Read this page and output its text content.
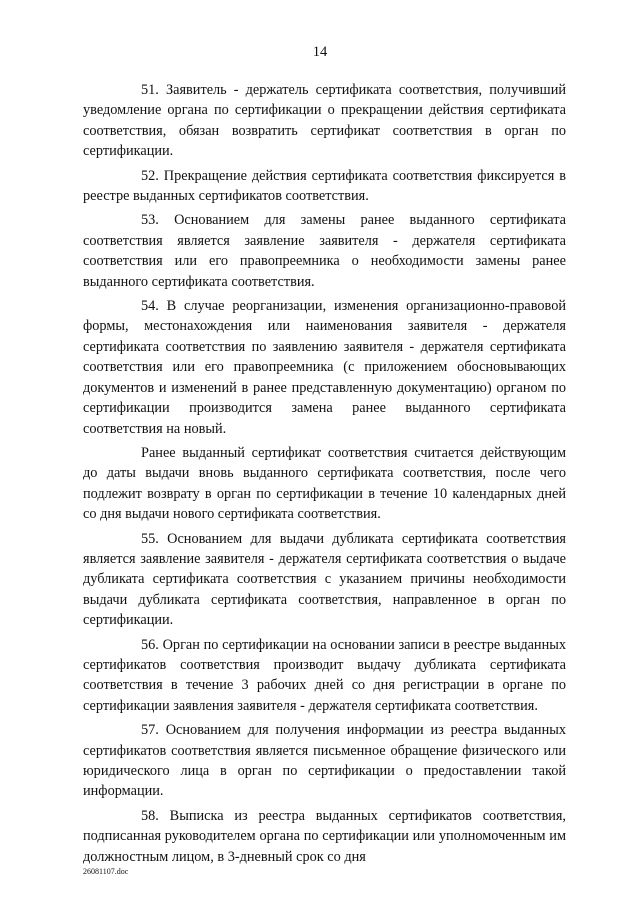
14

51. Заявитель - держатель сертификата соответствия, получивший уведомление органа по сертификации о прекращении действия сертификата соответствия, обязан возвратить сертификат соответствия в орган по сертификации.

52. Прекращение действия сертификата соответствия фиксируется в реестре выданных сертификатов соответствия.

53. Основанием для замены ранее выданного сертификата соответствия является заявление заявителя - держателя сертификата соответствия или его правопреемника о необходимости замены ранее выданного сертификата соответствия.

54. В случае реорганизации, изменения организационно-правовой формы, местонахождения или наименования заявителя - держателя сертификата соответствия по заявлению заявителя - держателя сертификата соответствия или его правопреемника (с приложением обосновывающих документов и изменений в ранее представленную документацию) органом по сертификации производится замена ранее выданного сертификата соответствия на новый.

Ранее выданный сертификат соответствия считается действующим до даты выдачи вновь выданного сертификата соответствия, после чего подлежит возврату в орган по сертификации в течение 10 календарных дней со дня выдачи нового сертификата соответствия.

55. Основанием для выдачи дубликата сертификата соответствия является заявление заявителя - держателя сертификата соответствия о выдаче дубликата сертификата соответствия с указанием причины необходимости выдачи дубликата сертификата соответствия, направленное в орган по сертификации.

56. Орган по сертификации на основании записи в реестре выданных сертификатов соответствия производит выдачу дубликата сертификата соответствия в течение 3 рабочих дней со дня регистрации в органе по сертификации заявления заявителя - держателя сертификата соответствия.

57. Основанием для получения информации из реестра выданных сертификатов соответствия является письменное обращение физического или юридического лица в орган по сертификации о предоставлении такой информации.

58. Выписка из реестра выданных сертификатов соответствия, подписанная руководителем органа по сертификации или уполномоченным им должностным лицом, в 3-дневный срок со дня

26081107.doc
